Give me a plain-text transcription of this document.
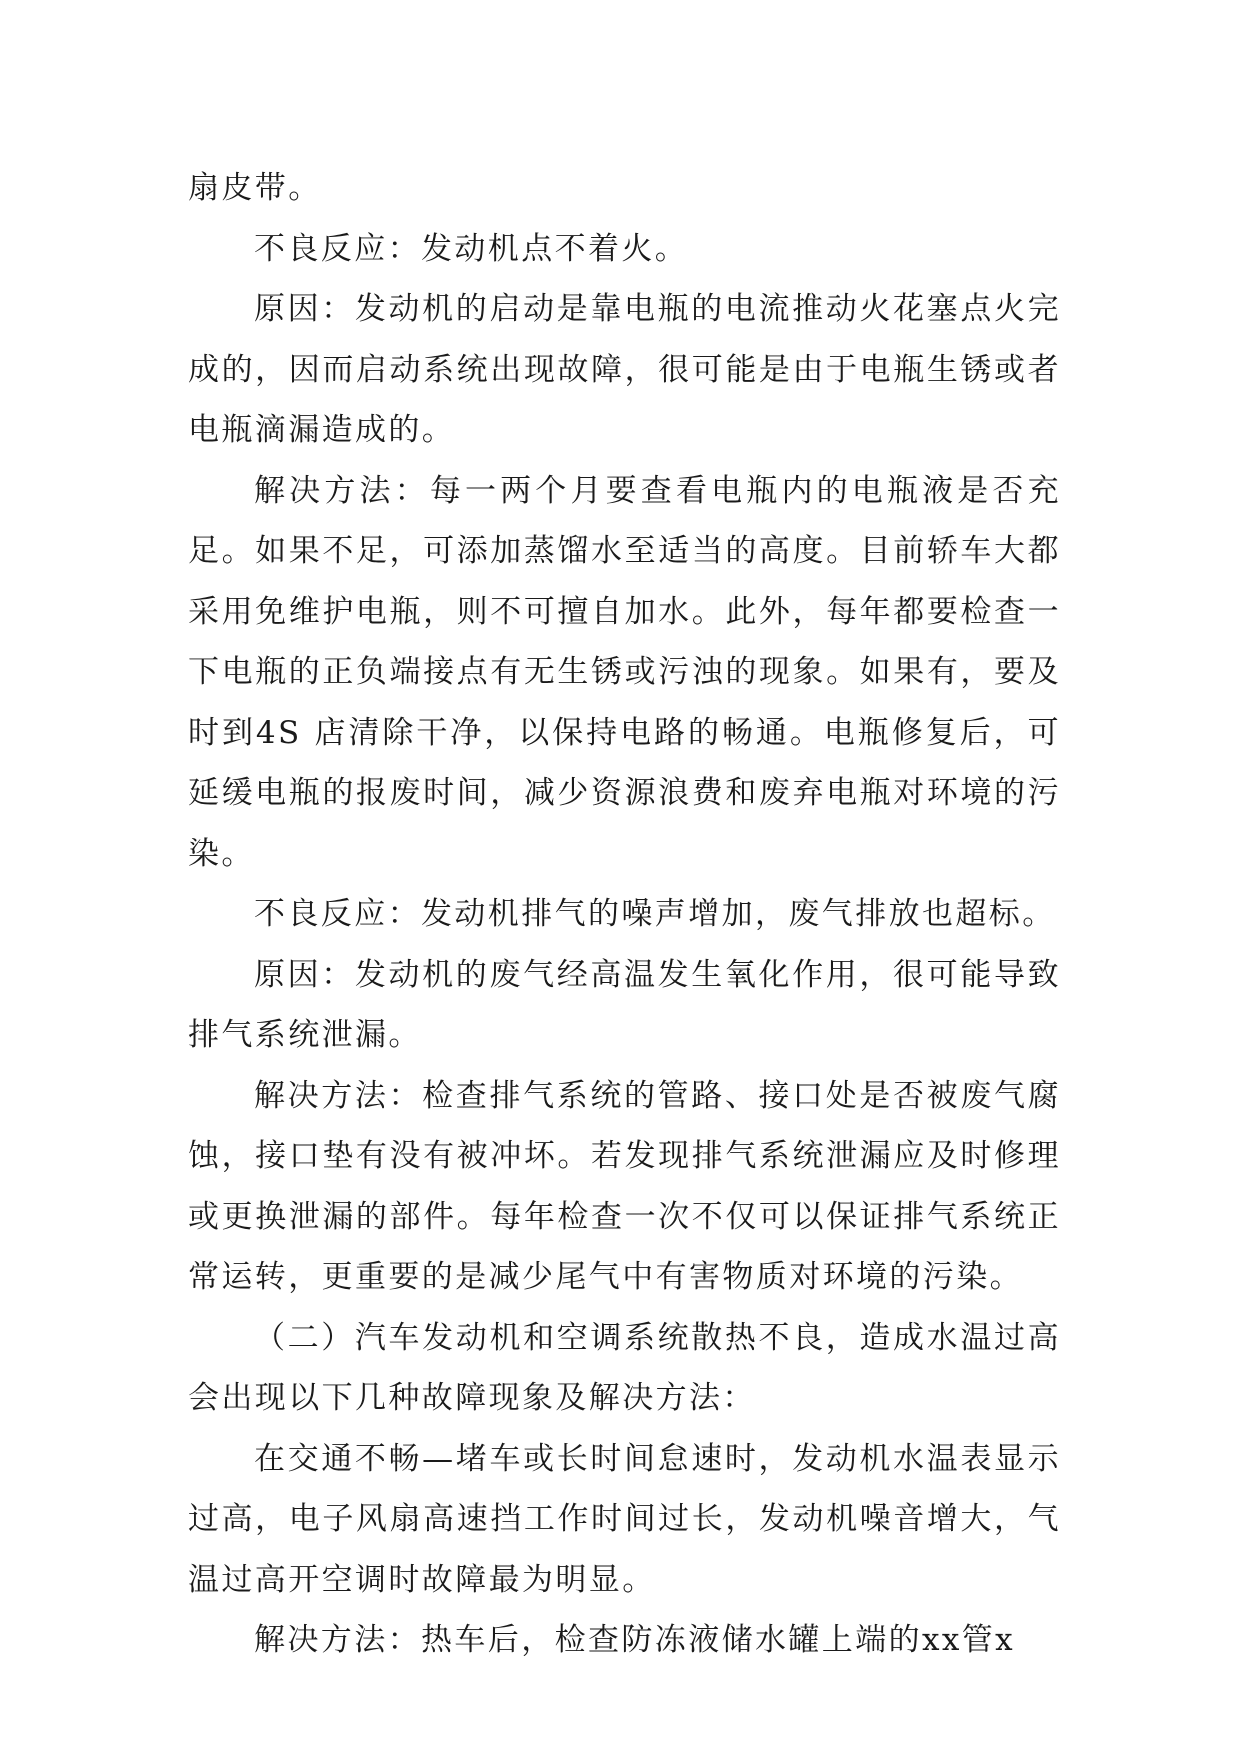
扇皮带。

不良反应：发动机点不着火。

原因：发动机的启动是靠电瓶的电流推动火花塞点火完成的，因而启动系统出现故障，很可能是由于电瓶生锈或者电瓶滴漏造成的。

解决方法：每一两个月要查看电瓶内的电瓶液是否充足。如果不足，可添加蒸馏水至适当的高度。目前轿车大都采用免维护电瓶，则不可擅自加水。此外，每年都要检查一下电瓶的正负端接点有无生锈或污浊的现象。如果有，要及时到4S 店清除干净，以保持电路的畅通。电瓶修复后，可延缓电瓶的报废时间，减少资源浪费和废弃电瓶对环境的污染。

不良反应：发动机排气的噪声增加，废气排放也超标。

原因：发动机的废气经高温发生氧化作用，很可能导致排气系统泄漏。

解决方法：检查排气系统的管路、接口处是否被废气腐蚀，接口垫有没有被冲坏。若发现排气系统泄漏应及时修理或更换泄漏的部件。每年检查一次不仅可以保证排气系统正常运转，更重要的是减少尾气中有害物质对环境的污染。

（二）汽车发动机和空调系统散热不良，造成水温过高会出现以下几种故障现象及解决方法：

在交通不畅—堵车或长时间怠速时，发动机水温表显示过高，电子风扇高速挡工作时间过长，发动机噪音增大，气温过高开空调时故障最为明显。

解决方法：热车后，检查防冻液储水罐上端的xx管x
